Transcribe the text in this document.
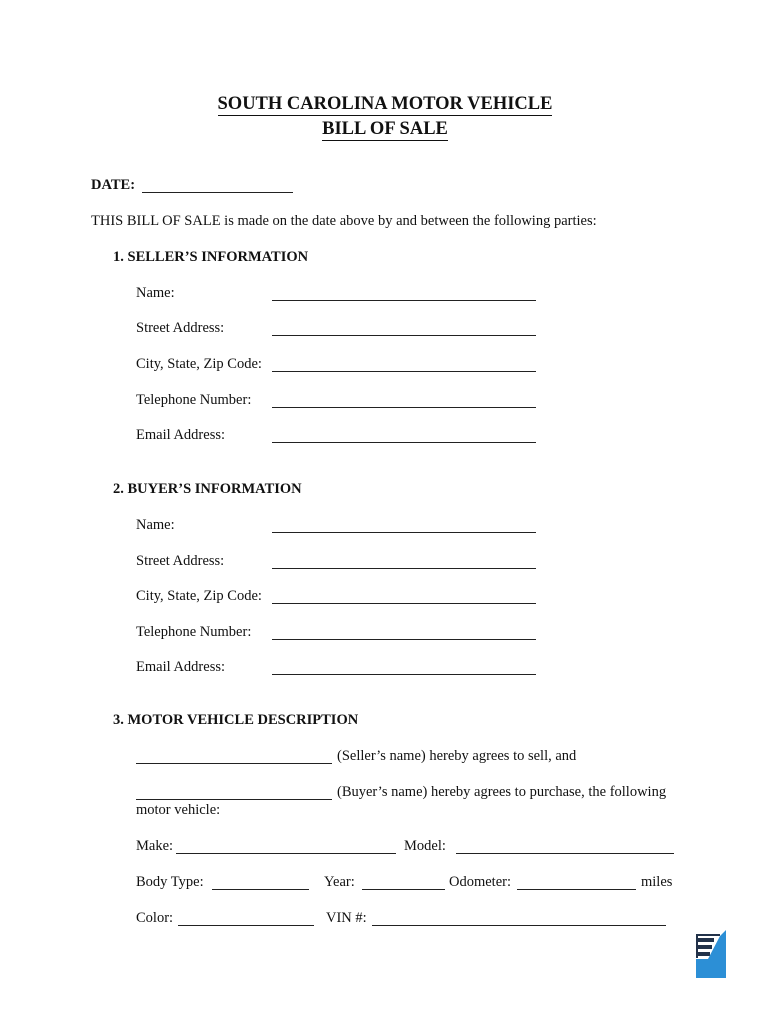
SOUTH CAROLINA MOTOR VEHICLE
BILL OF SALE
DATE:
THIS BILL OF SALE is made on the date above by and between the following parties:
1. SELLER’S INFORMATION
Name:
Street Address:
City, State, Zip Code:
Telephone Number:
Email Address:
2. BUYER’S INFORMATION
Name:
Street Address:
City, State, Zip Code:
Telephone Number:
Email Address:
3. MOTOR VEHICLE DESCRIPTION
(Seller’s name) hereby agrees to sell, and
(Buyer’s name) hereby agrees to purchase, the following
motor vehicle:
Make:	Model:
Body Type:	Year:	Odometer:	miles
Color:	VIN #:
